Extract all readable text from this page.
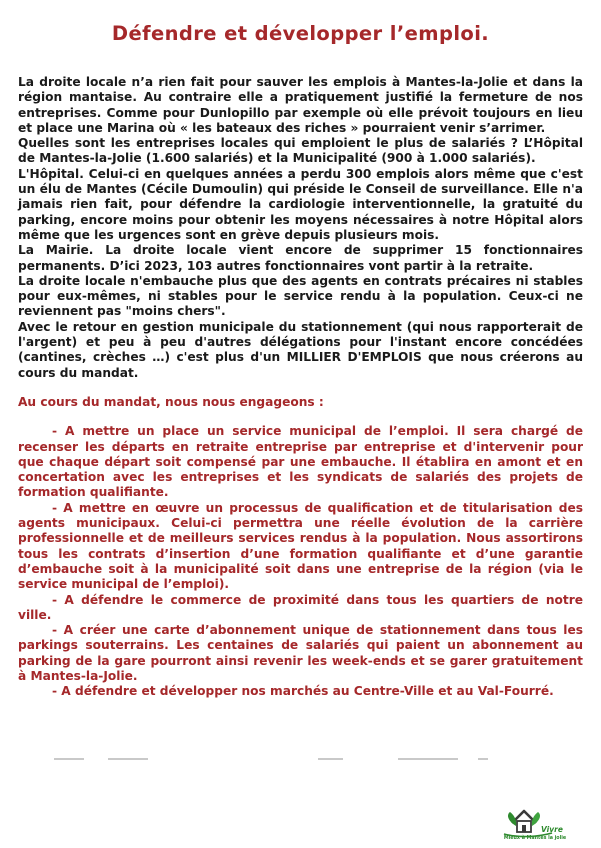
Défendre et développer l’emploi.

La droite locale n’a rien fait pour sauver les emplois à Mantes-la-Jolie et dans la région mantaise. Au contraire elle a pratiquement justifié la fermeture de nos entreprises. Comme pour Dunlopillo par exemple où elle prévoit toujours en lieu et place une Marina où « les bateaux des riches » pourraient venir s’arrimer.

Quelles sont les entreprises locales qui emploient le plus de salariés ? L’Hôpital de Mantes-la-Jolie (1.600 salariés) et la Municipalité (900 à 1.000 salariés).

L'Hôpital. Celui-ci en quelques années a perdu 300 emplois alors même que c'est un élu de Mantes (Cécile Dumoulin) qui préside le Conseil de surveillance. Elle n'a jamais rien fait, pour défendre la cardiologie interventionnelle, la gratuité du parking, encore moins pour obtenir les moyens nécessaires à notre Hôpital alors même que les urgences sont en grève depuis plusieurs mois.

La Mairie. La droite locale vient encore de supprimer 15 fonctionnaires permanents. D’ici 2023, 103 autres fonctionnaires vont partir à la retraite.

La droite locale n'embauche plus que des agents en contrats précaires ni stables pour eux-mêmes, ni stables pour le service rendu à la population. Ceux-ci ne reviennent pas "moins chers".

Avec le retour en gestion municipale du stationnement (qui nous rapporterait de l'argent) et peu à peu d'autres délégations pour l'instant encore concédées (cantines, crèches …) c'est plus d'un MILLIER D'EMPLOIS que nous créerons au cours du mandat.

Au cours du mandat, nous nous engageons :

- A mettre un place un service municipal de l’emploi. Il sera chargé de recenser les départs en retraite entreprise par entreprise et d'intervenir pour que chaque départ soit compensé par une embauche. Il établira en amont et en concertation avec les entreprises et les syndicats de salariés des projets de formation qualifiante.

- A mettre en œuvre un processus de qualification et de titularisation des agents municipaux. Celui-ci permettra une réelle évolution de la carrière professionnelle et de meilleurs services rendus à la population. Nous assortirons tous les contrats d’insertion d’une formation qualifiante et d’une garantie d’embauche soit à la municipalité soit dans une entreprise de la région (via le service municipal de l’emploi).

- A défendre le commerce de proximité dans tous les quartiers de notre ville.

- A créer une carte d’abonnement unique de stationnement dans tous les parkings souterrains. Les centaines de salariés qui paient un abonnement au parking de la gare pourront ainsi revenir les week-ends et se garer gratuitement à Mantes-la-Jolie.

- A défendre et développer nos marchés au Centre-Ville et au Val-Fourré.

Vivre
Mieux à Mantes la jolie
